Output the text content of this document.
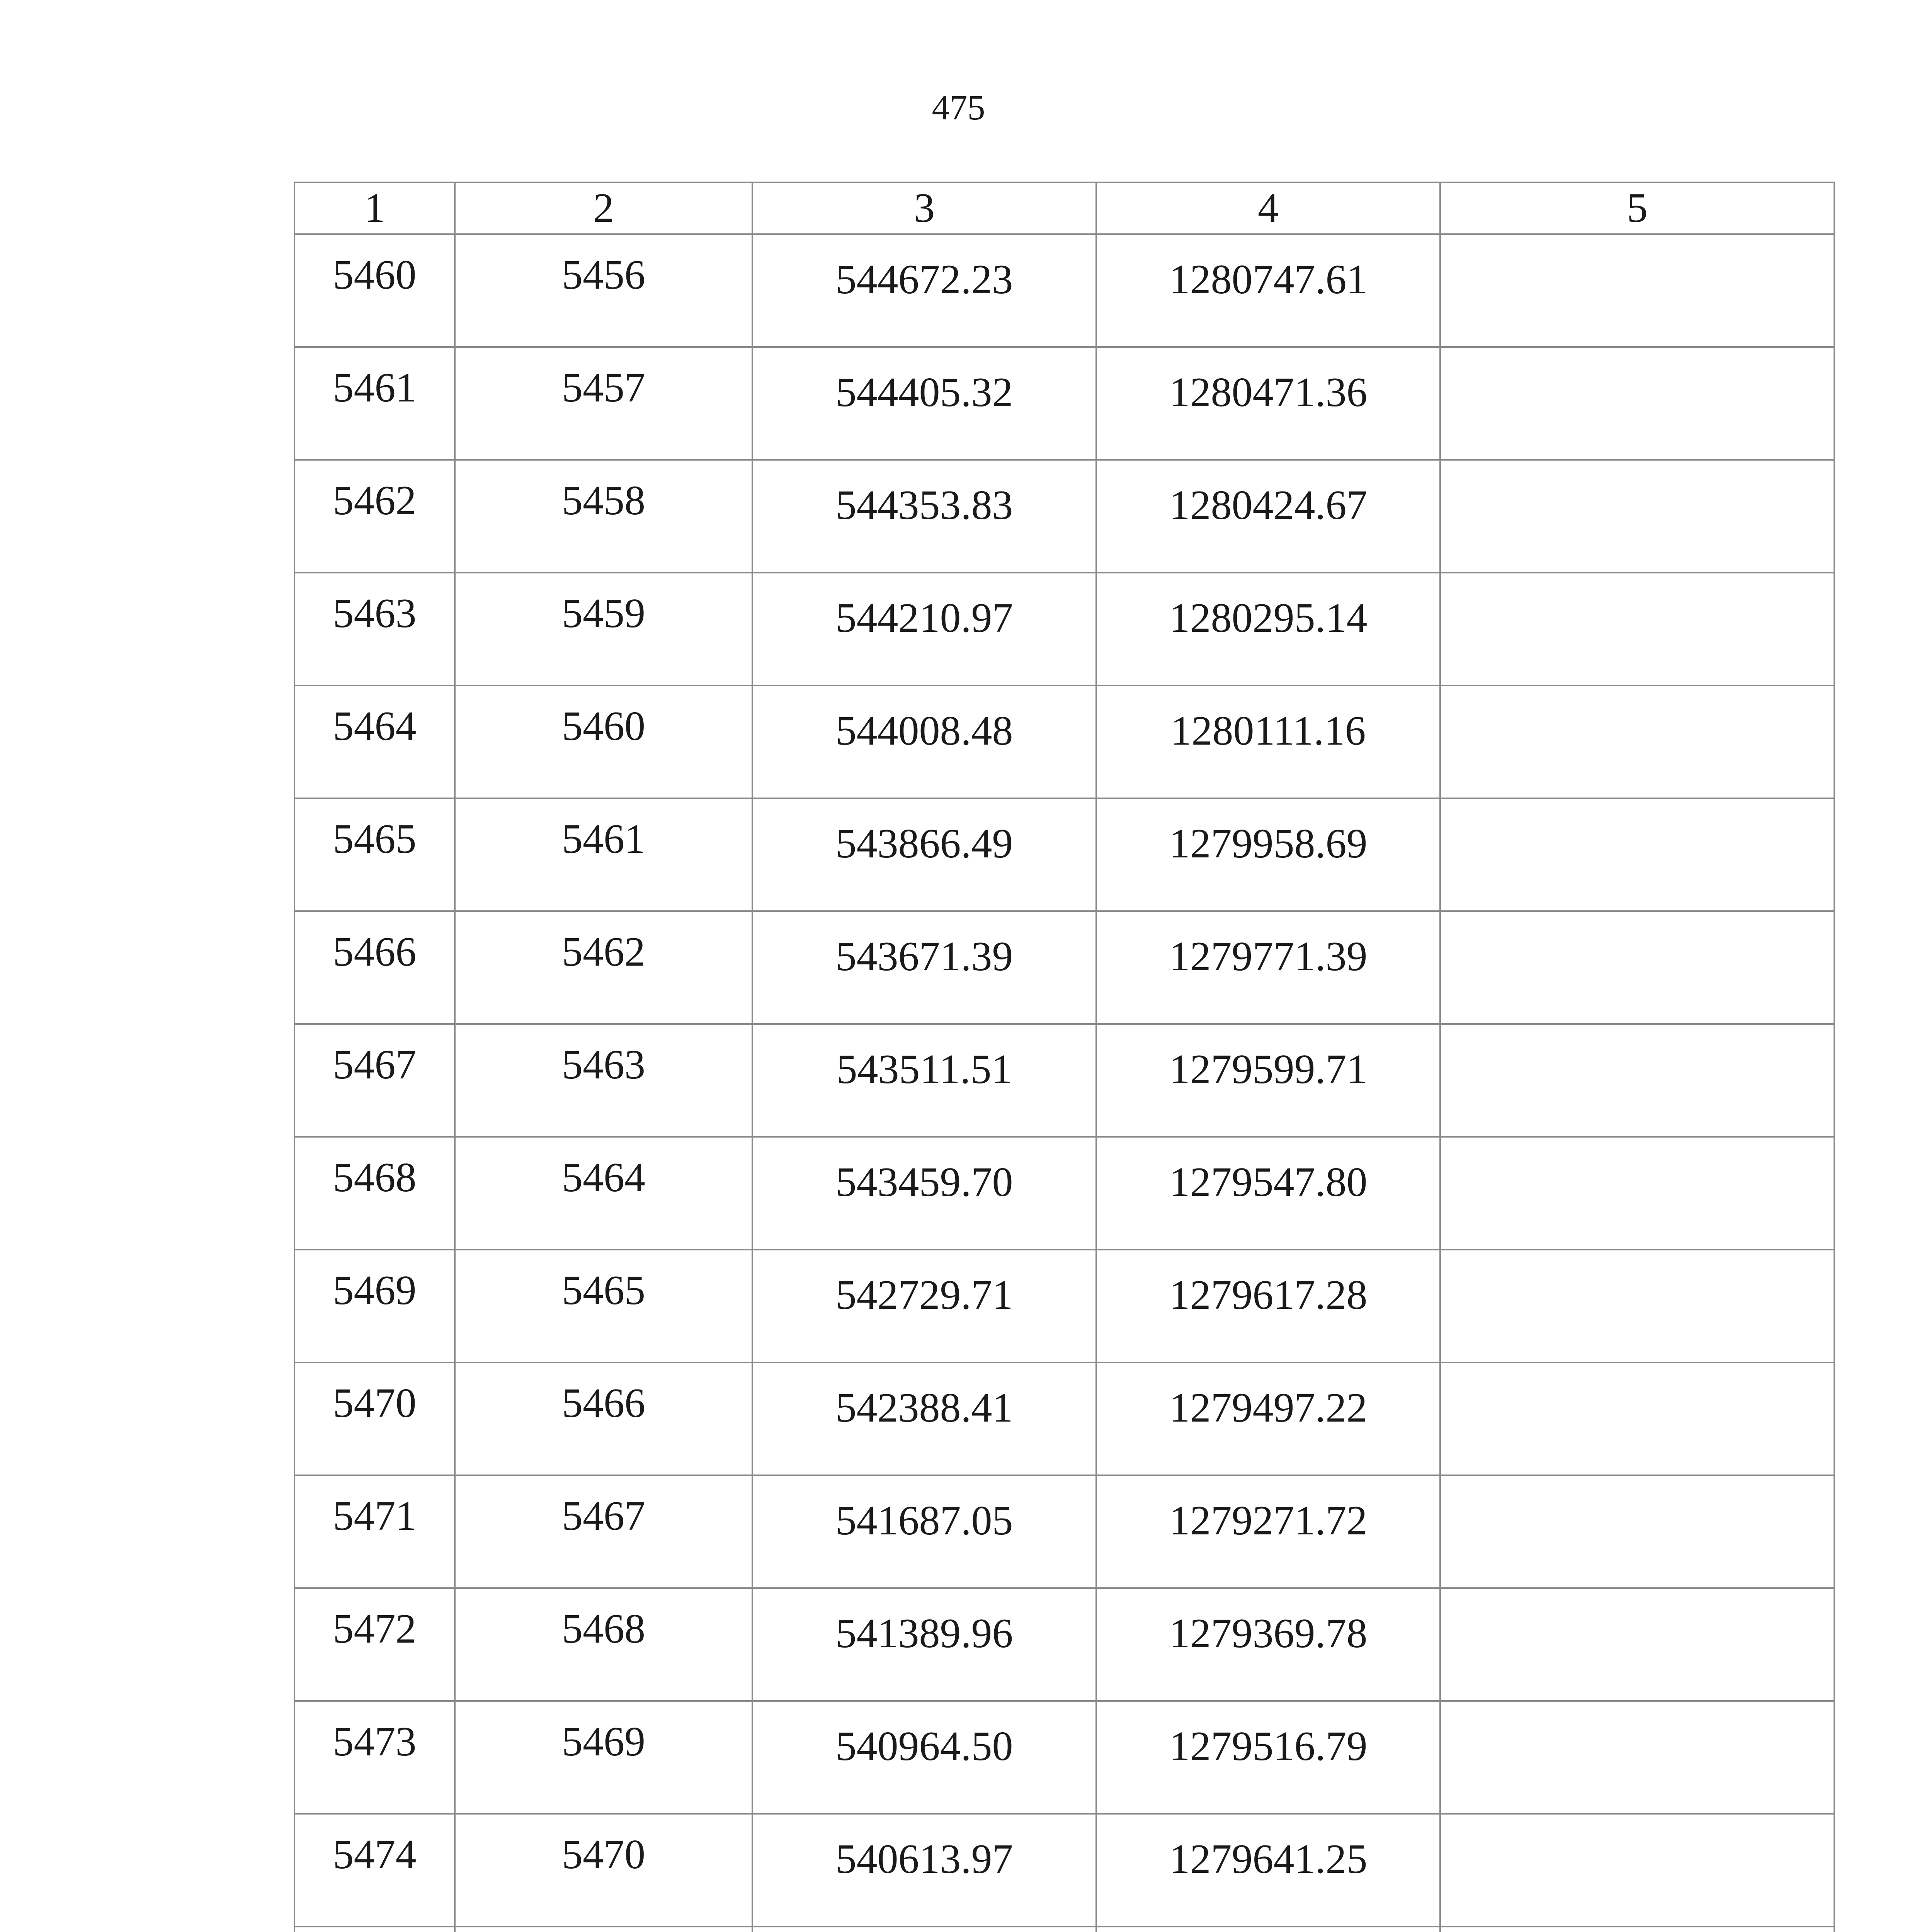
475
1	2	3	4	5
5460	5456	544672.23	1280747.61	
5461	5457	544405.32	1280471.36	
5462	5458	544353.83	1280424.67	
5463	5459	544210.97	1280295.14	
5464	5460	544008.48	1280111.16	
5465	5461	543866.49	1279958.69	
5466	5462	543671.39	1279771.39	
5467	5463	543511.51	1279599.71	
5468	5464	543459.70	1279547.80	
5469	5465	542729.71	1279617.28	
5470	5466	542388.41	1279497.22	
5471	5467	541687.05	1279271.72	
5472	5468	541389.96	1279369.78	
5473	5469	540964.50	1279516.79	
5474	5470	540613.97	1279641.25	
